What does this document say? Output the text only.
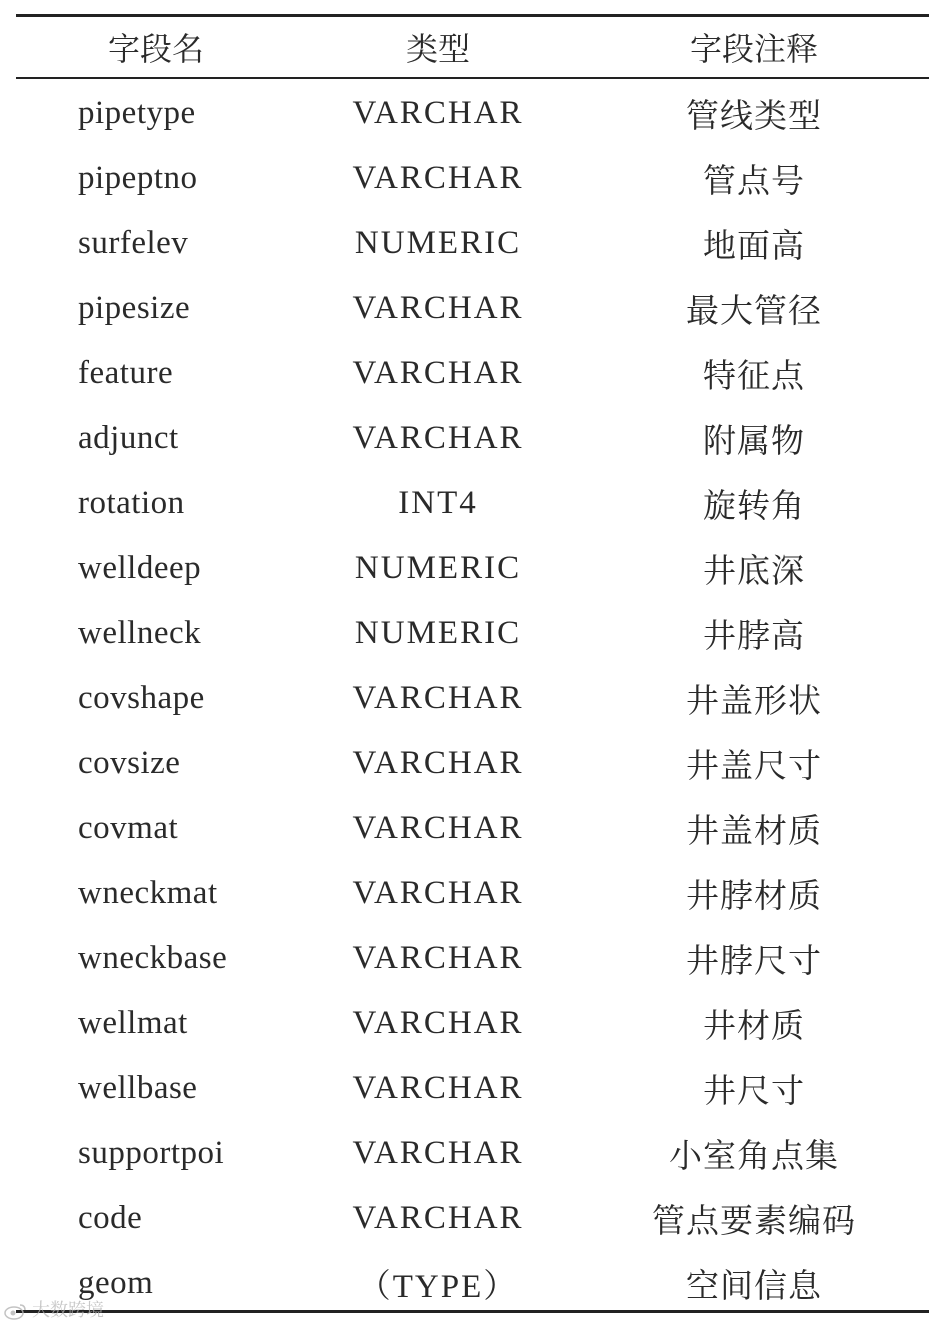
字段名	类型	字段注释
pipetype	VARCHAR	管线类型
pipeptno	VARCHAR	管点号
surfelev	NUMERIC	地面高
pipesize	VARCHAR	最大管径
feature	VARCHAR	特征点
adjunct	VARCHAR	附属物
rotation	INT4	旋转角
welldeep	NUMERIC	井底深
wellneck	NUMERIC	井脖高
covshape	VARCHAR	井盖形状
covsize	VARCHAR	井盖尺寸
covmat	VARCHAR	井盖材质
wneckmat	VARCHAR	井脖材质
wneckbase	VARCHAR	井脖尺寸
wellmat	VARCHAR	井材质
wellbase	VARCHAR	井尺寸
supportpoi	VARCHAR	小室角点集
code	VARCHAR	管点要素编码
geom	（TYPE）	空间信息
大数跨境
